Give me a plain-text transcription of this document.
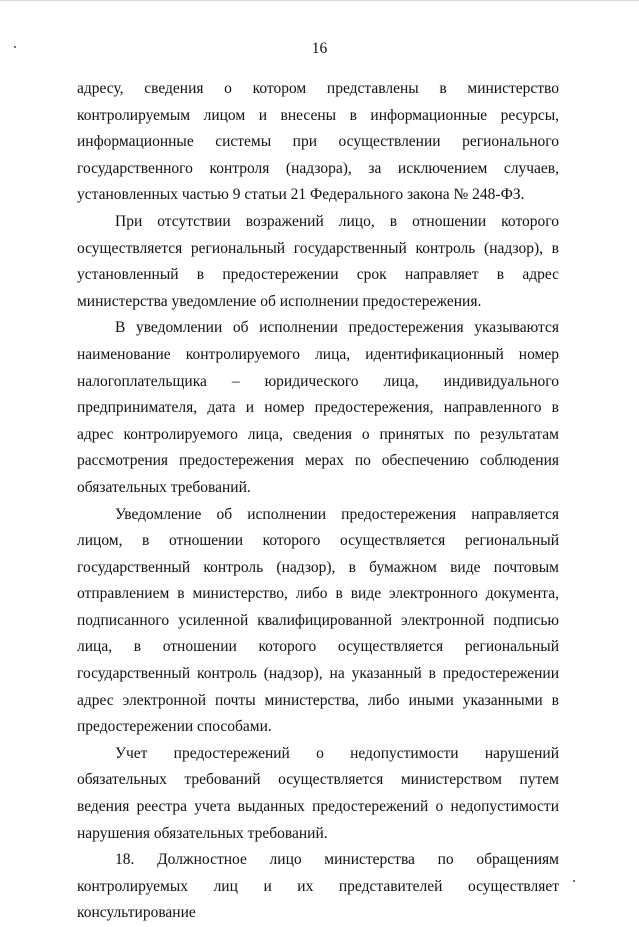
16

адресу, сведения о котором представлены в министерство контролируемым лицом и внесены в информационные ресурсы, информационные системы при осуществлении регионального государственного контроля (надзора), за исключением случаев, установленных частью 9 статьи 21 Федерального закона № 248-ФЗ.

При отсутствии возражений лицо, в отношении которого осуществляется региональный государственный контроль (надзор), в установленный в предостережении срок направляет в адрес министерства уведомление об исполнении предостережения.

В уведомлении об исполнении предостережения указываются наименование контролируемого лица, идентификационный номер налогоплательщика – юридического лица, индивидуального предпринимателя, дата и номер предостережения, направленного в адрес контролируемого лица, сведения о принятых по результатам рассмотрения предостережения мерах по обеспечению соблюдения обязательных требований.

Уведомление об исполнении предостережения направляется лицом, в отношении которого осуществляется региональный государственный контроль (надзор), в бумажном виде почтовым отправлением в министерство, либо в виде электронного документа, подписанного усиленной квалифицированной электронной подписью лица, в отношении которого осуществляется региональный государственный контроль (надзор), на указанный в предостережении адрес электронной почты министерства, либо иными указанными в предостережении способами.

Учет предостережений о недопустимости нарушений обязательных требований осуществляется министерством путем ведения реестра учета выданных предостережений о недопустимости нарушения обязательных требований.

18. Должностное лицо министерства по обращениям контролируемых лиц и их представителей осуществляет консультирование
